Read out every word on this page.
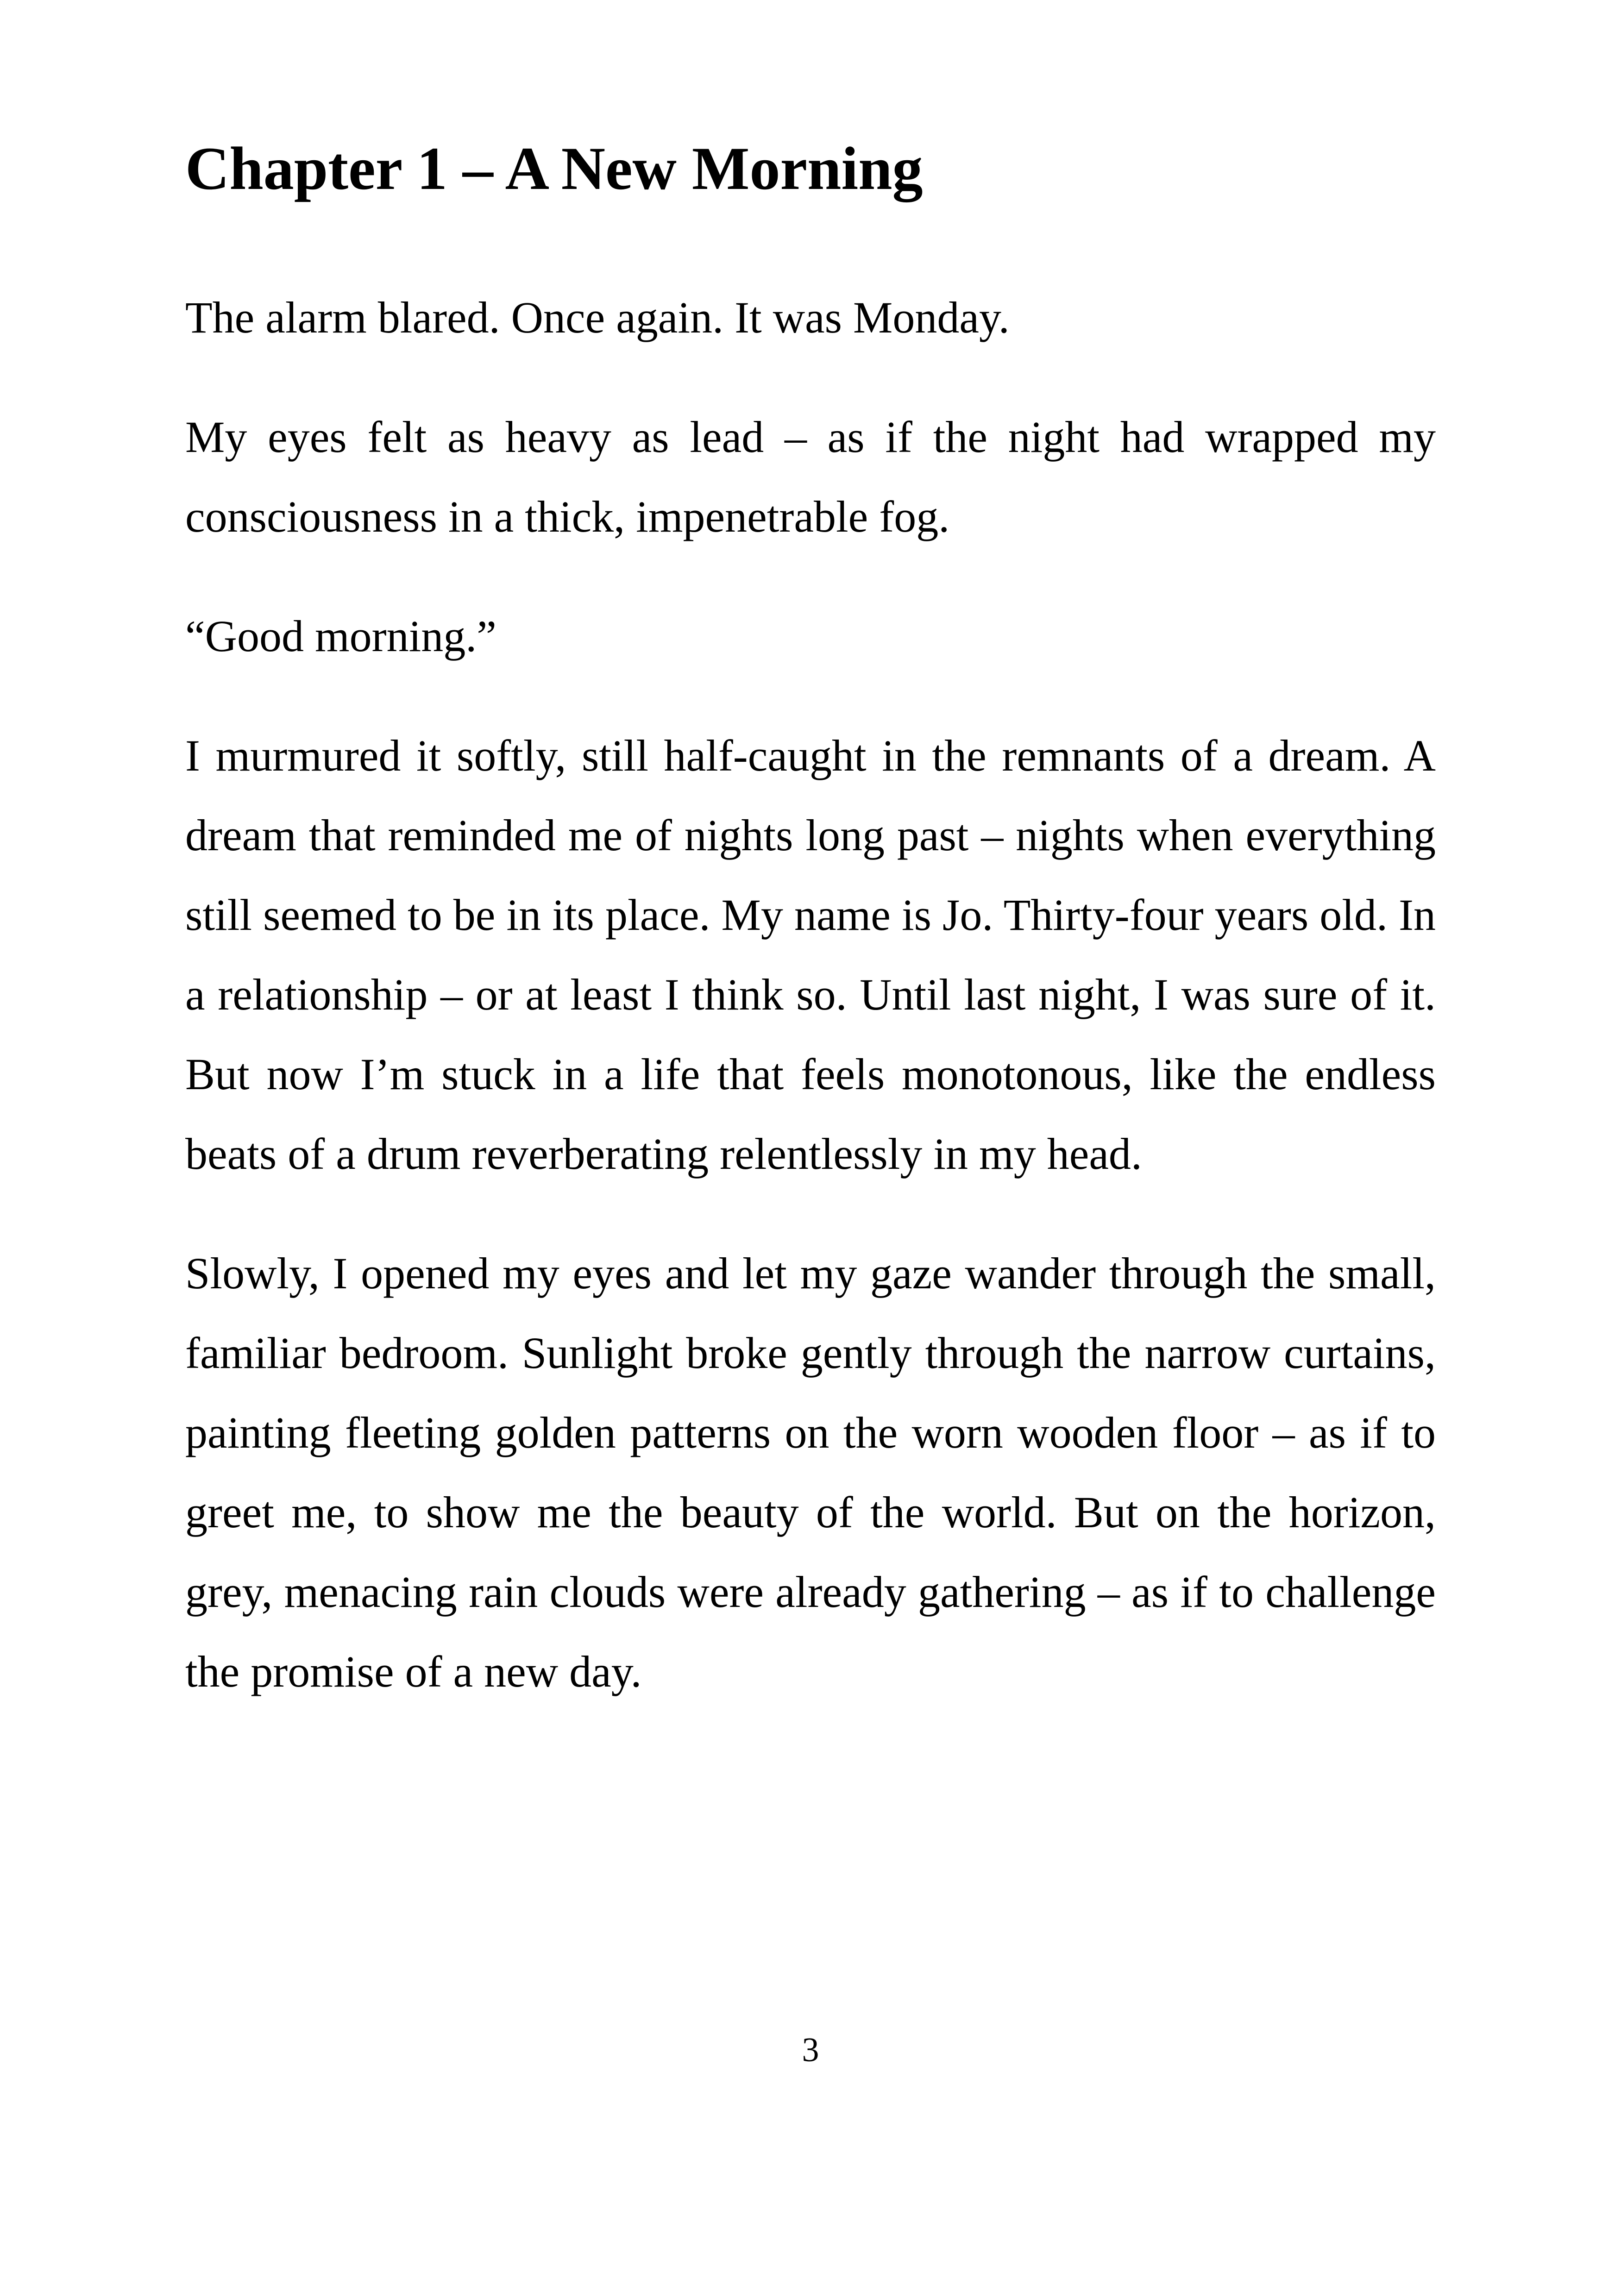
Chapter 1 – A New Morning

The alarm blared. Once again. It was Monday.

My eyes felt as heavy as lead – as if the night had wrapped my consciousness in a thick, impenetrable fog.

“Good morning.”

I murmured it softly, still half-caught in the remnants of a dream. A dream that reminded me of nights long past – nights when everything still seemed to be in its place. My name is Jo. Thirty-four years old. In a relationship – or at least I think so. Until last night, I was sure of it. But now I’m stuck in a life that feels monotonous, like the endless beats of a drum reverberating relentlessly in my head.

Slowly, I opened my eyes and let my gaze wander through the small, familiar bedroom. Sunlight broke gently through the narrow curtains, painting fleeting golden patterns on the worn wooden floor – as if to greet me, to show me the beauty of the world. But on the horizon, grey, menacing rain clouds were already gathering – as if to challenge the promise of a new day.

3
